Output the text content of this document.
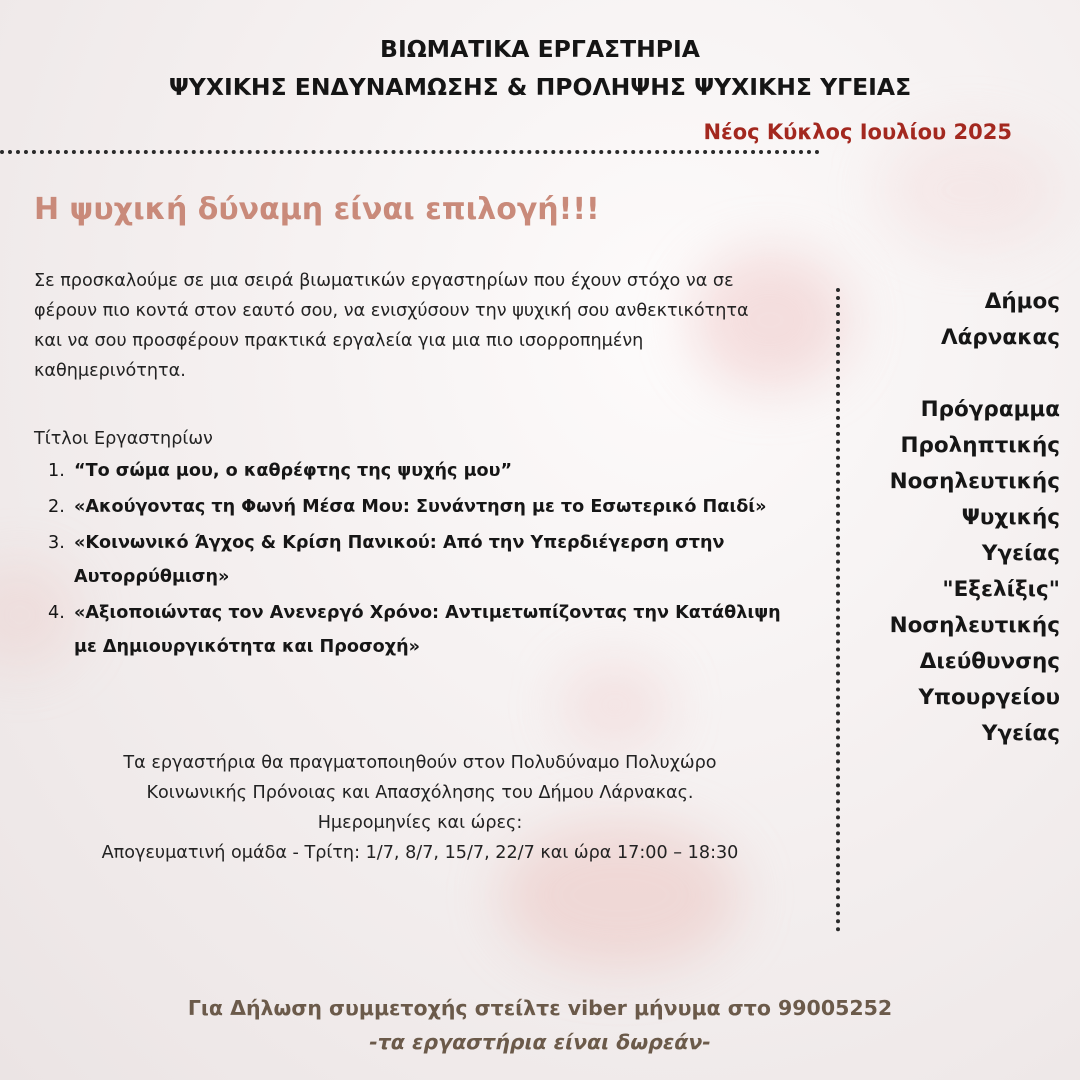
ΒΙΩΜΑΤΙΚΑ ΕΡΓΑΣΤΗΡΙΑ
ΨΥΧΙΚΗΣ ΕΝΔΥΝΑΜΩΣΗΣ & ΠΡΟΛΗΨΗΣ ΨΥΧΙΚΗΣ ΥΓΕΙΑΣ
Νέος Κύκλος Ιουλίου 2025
Η ψυχική δύναμη είναι επιλογή!!!
Σε προσκαλούμε σε μια σειρά βιωματικών εργαστηρίων που έχουν στόχο να σε φέρουν πιο κοντά στον εαυτό σου, να ενισχύσουν την ψυχική σου ανθεκτικότητα και να σου προσφέρουν πρακτικά εργαλεία για μια πιο ισορροπημένη καθημερινότητα.
Τίτλοι Εργαστηρίων
1. “Το σώμα μου, ο καθρέφτης της ψυχής μου”
2. «Ακούγοντας τη Φωνή Μέσα Μου: Συνάντηση με το Εσωτερικό Παιδί»
3. «Κοινωνικό Άγχος & Κρίση Πανικού: Από την Υπερδιέγερση στην Αυτορρύθμιση»
4. «Αξιοποιώντας τον Ανενεργό Χρόνο: Αντιμετωπίζοντας την Κατάθλιψη με Δημιουργικότητα και Προσοχή»
Τα εργαστήρια θα πραγματοποιηθούν στον Πολυδύναμο Πολυχώρο
Κοινωνικής Πρόνοιας και Απασχόλησης του Δήμου Λάρνακας.
Ημερομηνίες και ώρες:
Απογευματινή ομάδα - Τρίτη: 1/7, 8/7, 15/7, 22/7 και ώρα 17:00 – 18:30
Δήμος
Λάρνακας
Πρόγραμμα
Προληπτικής
Νοσηλευτικής
Ψυχικής
Υγείας
"Εξελίξις"
Νοσηλευτικής
Διεύθυνσης
Υπουργείου
Υγείας
Για Δήλωση συμμετοχής στείλτε viber μήνυμα στο 99005252
-τα εργαστήρια είναι δωρεάν-
